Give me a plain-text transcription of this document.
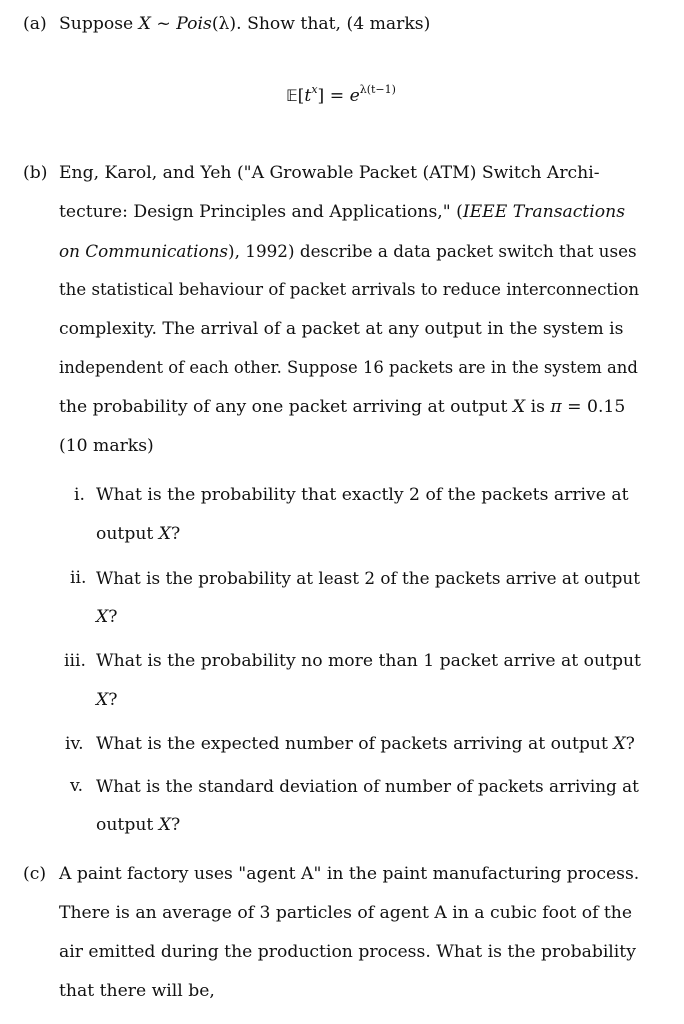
(a) Suppose X ~ Pois(λ). Show that, (4 marks)
$𝔼[t^x] = e^{\lambda(t-1)}$
(b) Eng, Karol, and Yeh ("A Growable Packet (ATM) Switch Archi-
tecture: Design Principles and Applications," (IEEE Transactions
on Communications), 1992) describe a data packet switch that uses
the statistical behaviour of packet arrivals to reduce interconnection
complexity. The arrival of a packet at any output in the system is
independent of each other. Suppose 16 packets are in the system and
the probability of any one packet arriving at output X is π = 0.15
(10 marks)
i. What is the probability that exactly 2 of the packets arrive at
output X?
ii. What is the probability at least 2 of the packets arrive at output
X?
iii. What is the probability no more than 1 packet arrive at output
X?
iv. What is the expected number of packets arriving at output X?
v. What is the standard deviation of number of packets arriving at
output X?
(c) A paint factory uses "agent A" in the paint manufacturing process.
There is an average of 3 particles of agent A in a cubic foot of the
air emitted during the production process. What is the probability
that there will be,
